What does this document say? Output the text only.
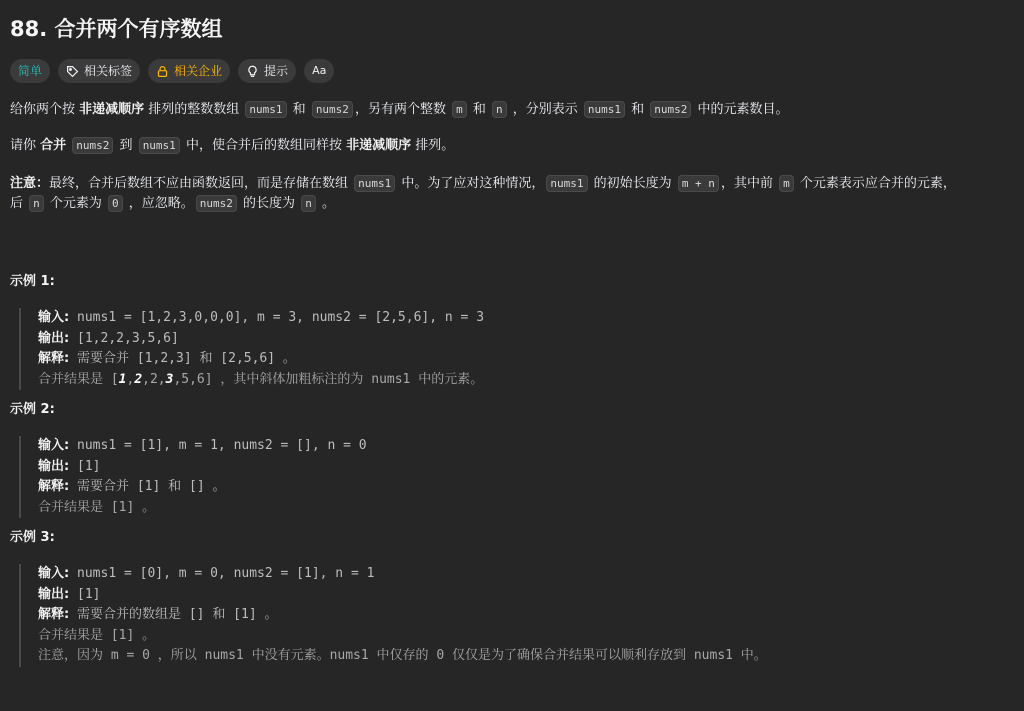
88. 合并两个有序数组
简单	相关标签	相关企业	提示 Aa

给你两个按 非递减顺序 排列的整数数组 nums1 和 nums2 ，另有两个整数 m 和 n ，分别表示 nums1 和 nums2 中的元素数目。

请你 合并 nums2 到 nums1 中，使合并后的数组同样按 非递减顺序 排列。

注意：最终，合并后数组不应由函数返回，而是存储在数组 nums1 中。为了应对这种情况， nums1 的初始长度为 m + n ，其中前 m 个元素表示应合并的元素，
后 n 个元素为 0 ，应忽略。 nums2 的长度为 n 。

示例 1:

输入: nums1 = [1,2,3,0,0,0], m = 3, nums2 = [2,5,6], n = 3
输出: [1,2,2,3,5,6]
解释: 需要合并 [1,2,3] 和 [2,5,6] 。
合并结果是 [1,2,2,3,5,6] ，其中斜体加粗标注的为 nums1 中的元素。

示例 2:

输入: nums1 = [1], m = 1, nums2 = [], n = 0
输出: [1]
解释: 需要合并 [1] 和 [] 。
合并结果是 [1] 。

示例 3:

输入: nums1 = [0], m = 0, nums2 = [1], n = 1
输出: [1]
解释: 需要合并的数组是 [] 和 [1] 。
合并结果是 [1] 。
注意，因为 m = 0 ，所以 nums1 中没有元素。nums1 中仅存的 0 仅仅是为了确保合并结果可以顺利存放到 nums1 中。
